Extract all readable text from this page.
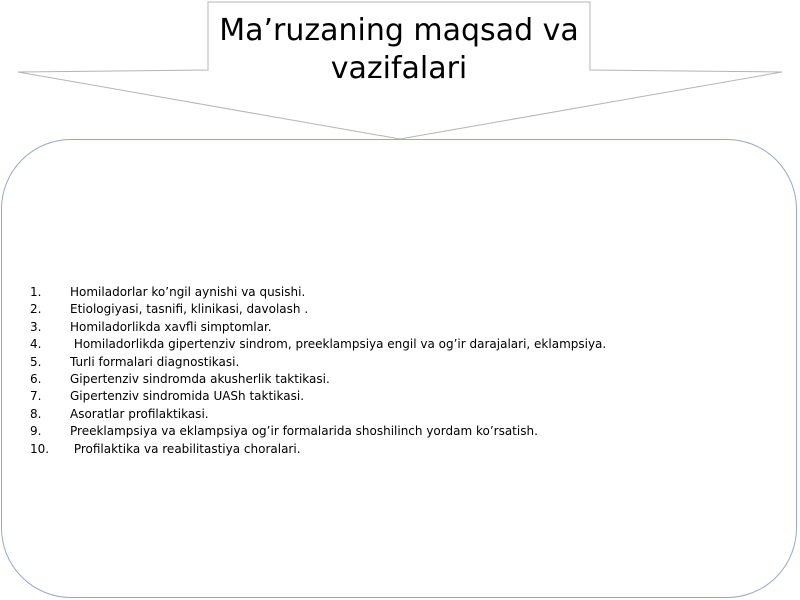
Ma’ruzaning maqsad va vazifalari
1. Homiladorlar ko’ngil aynishi va qusishi.
2. Etiologiyasi, tasnifi, klinikasi, davolash .
3. Homiladorlikda xavfli simptomlar.
4. Homiladorlikda gipertenziv sindrom, preeklampsiya engil va og’ir darajalari, eklampsiya.
5. Turli formalari diagnostikasi.
6. Gipertenziv sindromda akusherlik taktikasi.
7. Gipertenziv sindromida UASh taktikasi.
8. Asoratlar profilaktikasi.
9. Preeklampsiya va eklampsiya og’ir formalarida shoshilinch yordam ko’rsatish.
10. Profilaktika va reabilitastiya choralari.
